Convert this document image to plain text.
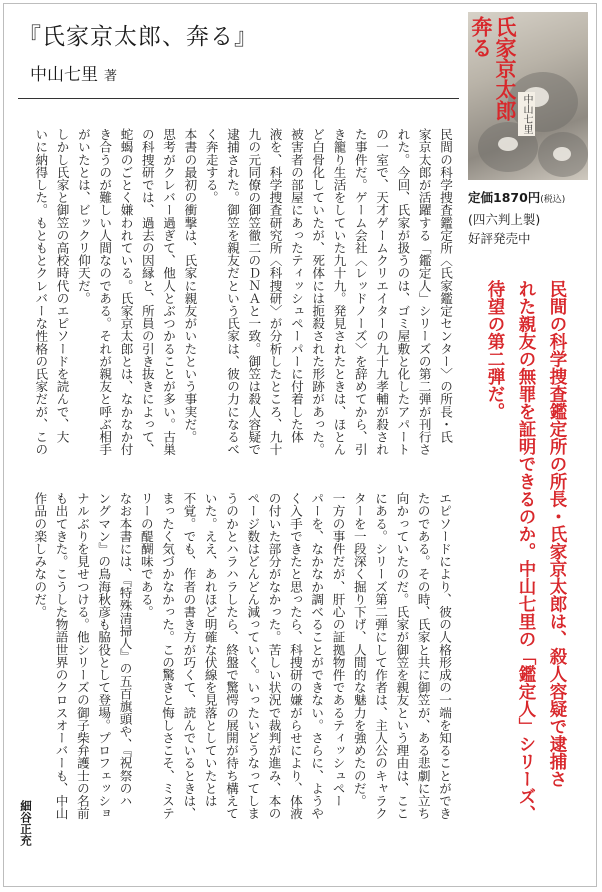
『氏家京太郎、奔る』
中山七里 著	氏家京太郎
奔る
中山七里
定価1870円(税込)
(四六判上製)
好評発売中
民間の科学捜査鑑定所の所長・氏家京太郎は、殺人容疑で逮捕さ
れた親友の無罪を証明できるのか。中山七里の「鑑定人」シリーズ、
待望の第二弾だ。
民間の科学捜査鑑定所〈氏家鑑定センター〉の所長・氏
家京太郎が活躍する「鑑定人」シリーズの第二弾が刊行さ
れた。今回、氏家が扱うのは、ゴミ屋敷と化したアパート
の一室で、天才ゲームクリエイターの九十九孝輔が殺され
た事件だ。ゲーム会社〈レッドノーズ〉を辞めてから、引
き籠り生活をしていた九十九。発見されたときは、ほとん
ど白骨化していたが、死体には扼殺された形跡があった。
被害者の部屋にあったティッシュペーパーに付着した体
液を、科学捜査研究所〈科捜研〉が分析したところ、九十
九の元同僚の御笠徹二のＤＮＡと一致。御笠は殺人容疑で
逮捕された。御笠を親友だという氏家は、彼の力になるべ
く奔走する。
本書の最初の衝撃は、氏家に親友がいたという事実だ。
思考がクレバー過ぎて、他人とぶつかることが多い。古巣
の科捜研では、過去の因縁と、所員の引き抜きによって、
蛇蝎のごとく嫌われている。氏家京太郎とは、なかなか付
き合うのが難しい人間なのである。それが親友と呼ぶ相手
がいたとは、ビックリ仰天だ。
しかし氏家と御笠の高校時代のエピソードを読んで、大
いに納得した。もともとクレバーな性格の氏家だが、この
エピソードにより、彼の人格形成の一端を知ることができ
たのである。その時、氏家と共に御笠が、ある悲劇に立ち
向かっていたのだ。氏家が御笠を親友という理由は、ここ
にある。シリーズ第二弾にして作者は、主人公のキャラク
ターを一段深く掘り下げ、人間的な魅力を強めたのだ。
一方の事件だが、肝心の証拠物件であるティッシュペー
パーを、なかなか調べることができない。さらに、ようや
く入手できたと思ったら、科捜研の嫌がらせにより、体液
の付いた部分がなかった。苦しい状況で裁判が進み、本の
ページ数はどんどん減っていく。いったいどうなってしま
うのかとハラハラしたら、終盤で驚愕の展開が待ち構えて
いた。ええ、あれほど明確な伏線を見落としていたとは
不覚。でも、作者の書き方が巧くて、読んでいるときは、
まったく気づかなかった。この驚きと悔しさこそ、ミステ
リーの醍醐味である。
なお本書には、『特殊清掃人』の五百旗頭や、『祝祭のハ
ングマン』の鳥海秋彦も脇役として登場。プロフェッショ
ナルぶりを見せつける。他シリーズの御子柴弁護士の名前
も出てきた。こうした物語世界のクロスオーバーも、中山
作品の楽しみなのだ。
細谷正充
